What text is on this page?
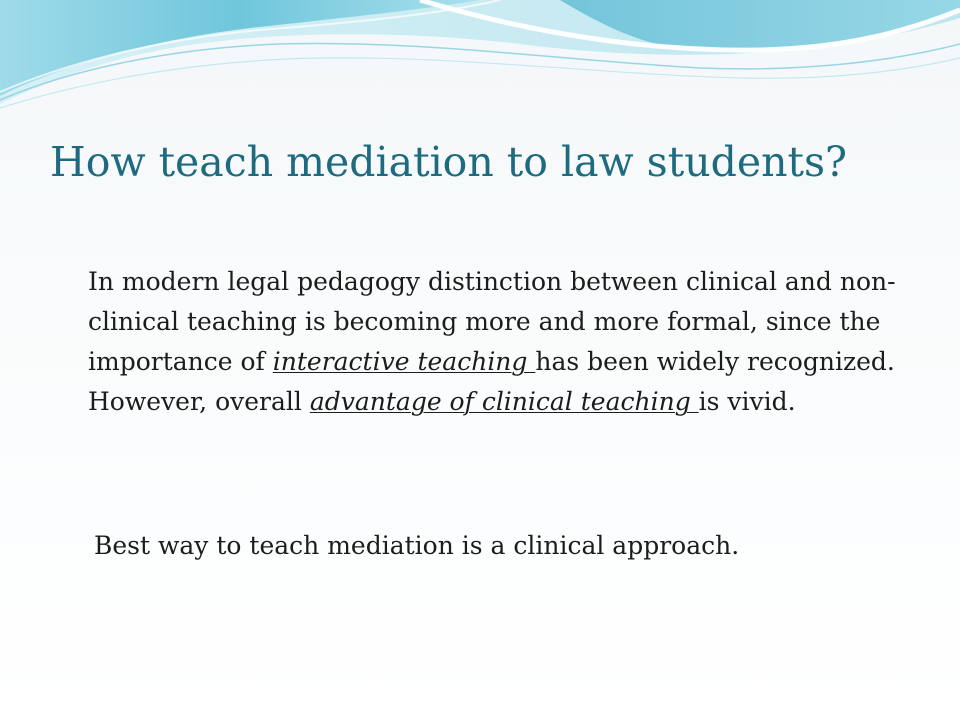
How teach mediation to law students?

In modern legal pedagogy distinction between clinical and non-clinical teaching is becoming more and more formal, since the importance of interactive teaching has been widely recognized. However, overall advantage of clinical teaching is vivid.

Best way to teach mediation is a clinical approach.
